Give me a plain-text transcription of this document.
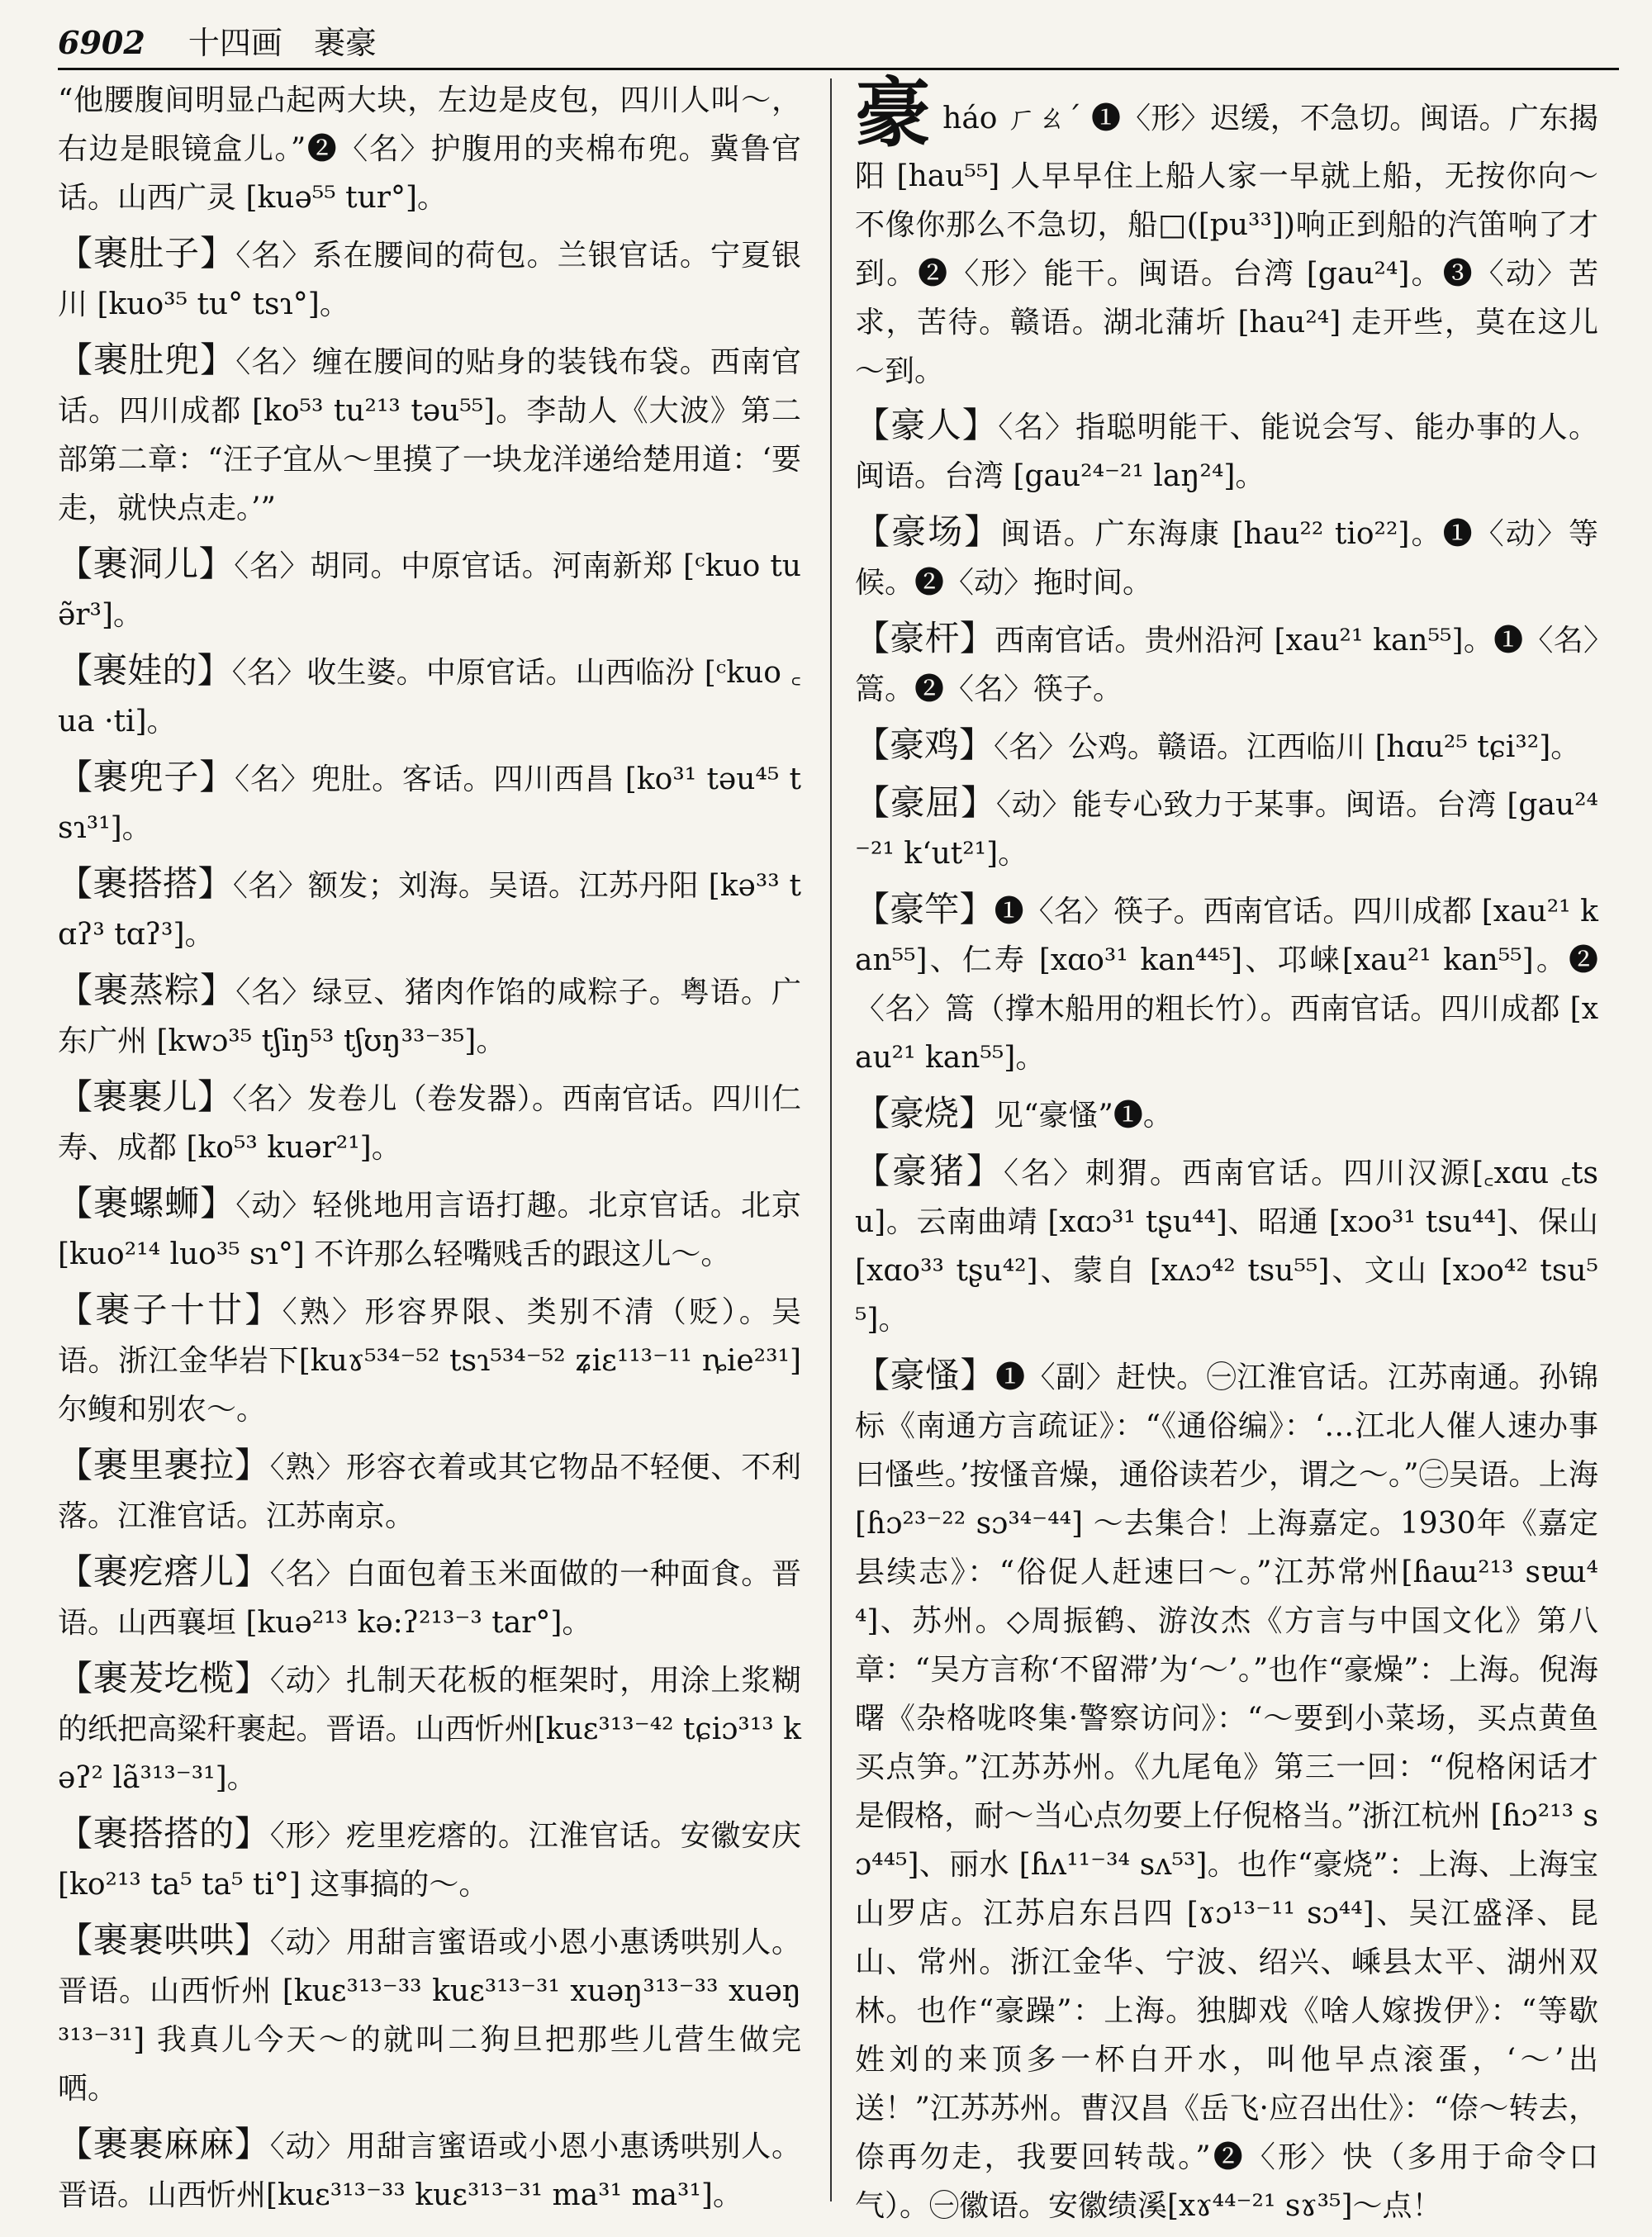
6902 十四画 裹豪
“他腰腹间明显凸起两大块，左边是皮包，四川人叫～，右边是眼镜盒儿。”❷〈名〉护腹用的夹棉布兜。冀鲁官话。山西广灵 [kuə⁵⁵ tur°]。
【裹肚子】〈名〉系在腰间的荷包。兰银官话。宁夏银川 [kuo³⁵ tu° tsɿ°]。
【裹肚兜】〈名〉缠在腰间的贴身的装钱布袋。西南官话。四川成都 [ko⁵³ tu²¹³ təu⁵⁵]。李劼人《大波》第二部第二章：“汪子宜从～里摸了一块龙洋递给楚用道：‘要走，就快点走。’”
【裹洞儿】〈名〉胡同。中原官话。河南新郑 [ᶜkuo tuə̃r³]。
【裹娃的】〈名〉收生婆。中原官话。山西临汾 [ᶜkuo ꜀ua ·ti]。
【裹兜子】〈名〉兜肚。客话。四川西昌 [ko³¹ təu⁴⁵ tsɿ³¹]。
【裹搭搭】〈名〉额发；刘海。吴语。江苏丹阳 [kə³³ tɑʔ³ tɑʔ³]。
【裹蒸粽】〈名〉绿豆、猪肉作馅的咸粽子。粤语。广东广州 [kwɔ³⁵ tʃiŋ⁵³ tʃʊŋ³³⁻³⁵]。
【裹裹儿】〈名〉发卷儿（卷发器）。西南官话。四川仁寿、成都 [ko⁵³ kuər²¹]。
【裹螺蛳】〈动〉轻佻地用言语打趣。北京官话。北京 [kuo²¹⁴ luo³⁵ sɿ°] 不许那么轻嘴贱舌的跟这儿～。
【裹子十廿】〈熟〉形容界限、类别不清（贬）。吴语。浙江金华岩下[kuɤ⁵³⁴⁻⁵² tsɿ⁵³⁴⁻⁵² ʑiɛ¹¹³⁻¹¹ ȵie²³¹] 尔鳆和别农～。
【裹里裹拉】〈熟〉形容衣着或其它物品不轻便、不利落。江淮官话。江苏南京。
【裹疙瘩儿】〈名〉白面包着玉米面做的一种面食。晋语。山西襄垣 [kuə²¹³ kə:ʔ²¹³⁻³ tar°]。
【裹茇圪榄】〈动〉扎制天花板的框架时，用涂上浆糊的纸把高粱秆裹起。晋语。山西忻州[kuɛ³¹³⁻⁴² tɕiɔ³¹³ kəʔ² lã³¹³⁻³¹]。
【裹搭搭的】〈形〉疙里疙瘩的。江淮官话。安徽安庆 [ko²¹³ ta⁵ ta⁵ ti°] 这事搞的～。
【裹裹哄哄】〈动〉用甜言蜜语或小恩小惠诱哄别人。晋语。山西忻州 [kuɛ³¹³⁻³³ kuɛ³¹³⁻³¹ xuəŋ³¹³⁻³³ xuəŋ³¹³⁻³¹] 我真儿今天～的就叫二狗旦把那些儿营生做完哂。
【裹裹麻麻】〈动〉用甜言蜜语或小恩小惠诱哄别人。晋语。山西忻州[kuɛ³¹³⁻³³ kuɛ³¹³⁻³¹ ma³¹ ma³¹]。
豪háo ㄏㄠˊ ❶〈形〉迟缓，不急切。闽语。广东揭阳 [hau⁵⁵] 人早早住上船人家一早就上船，无按你向～不像你那么不急切，船□([pu³³])响正到船的汽笛响了才到。❷〈形〉能干。闽语。台湾 [gau²⁴]。❸〈动〉苦求，苦待。赣语。湖北蒲圻 [hau²⁴] 走开些，莫在这儿～到。
【豪人】〈名〉指聪明能干、能说会写、能办事的人。闽语。台湾 [gau²⁴⁻²¹ laŋ²⁴]。
【豪场】闽语。广东海康 [hau²² tio²²]。❶〈动〉等候。❷〈动〉拖时间。
【豪杆】西南官话。贵州沿河 [xau²¹ kan⁵⁵]。❶〈名〉篙。❷〈名〉筷子。
【豪鸡】〈名〉公鸡。赣语。江西临川 [hɑu²⁵ tɕi³²]。
【豪屈】〈动〉能专心致力于某事。闽语。台湾 [gau²⁴⁻²¹ kʻut²¹]。
【豪竿】❶〈名〉筷子。西南官话。四川成都 [xau²¹ kan⁵⁵]、仁寿 [xɑo³¹ kan⁴⁴⁵]、邛崃[xau²¹ kan⁵⁵]。❷〈名〉篙（撑木船用的粗长竹）。西南官话。四川成都 [xau²¹ kan⁵⁵]。
【豪烧】见“豪慅”❶。
【豪猪】〈名〉刺猬。西南官话。四川汉源[꜀xɑu ꜀tsu]。云南曲靖 [xɑɔ³¹ tʂu⁴⁴]、昭通 [xɔo³¹ tsu⁴⁴]、保山 [xɑo³³ tʂu⁴²]、蒙自 [xʌɔ⁴² tsu⁵⁵]、文山 [xɔo⁴² tsu⁵⁵]。
【豪慅】❶〈副〉赶快。㊀江淮官话。江苏南通。孙锦标《南通方言疏证》：“《通俗编》：‘…江北人催人速办事曰慅些。’按慅音燥，通俗读若少，谓之～。”㊁吴语。上海[ɦɔ²³⁻²² sɔ³⁴⁻⁴⁴] ～去集合！上海嘉定。1930年《嘉定县续志》：“俗促人赶速曰～。”江苏常州[ɦaɯ²¹³ sɐɯ⁴⁴]、苏州。◇周振鹤、游汝杰《方言与中国文化》第八章：“吴方言称‘不留滞’为‘～’。”也作“豪燥”：上海。倪海曙《杂格咙咚集·警察访问》：“～要到小菜场，买点黄鱼买点笋。”江苏苏州。《九尾龟》第三一回：“倪格闲话才是假格，耐～当心点勿要上仔倪格当。”浙江杭州 [ɦɔ²¹³ sɔ⁴⁴⁵]、丽水 [ɦʌ¹¹⁻³⁴ sʌ⁵³]。也作“豪烧”：上海、上海宝山罗店。江苏启东吕四 [ɤɔ¹³⁻¹¹ sɔ⁴⁴]、吴江盛泽、昆山、常州。浙江金华、宁波、绍兴、嵊县太平、湖州双林。也作“豪躁”：上海。独脚戏《啥人嫁拨伊》：“等歇姓刘的来顶多一杯白开水，叫他早点滚蛋，‘～’出送！”江苏苏州。曹汉昌《岳飞·应召出仕》：“倷～转去，倷再勿走，我要回转哉。”❷〈形〉快（多用于命令口气）。㊀徽语。安徽绩溪[xɤ⁴⁴⁻²¹ sɤ³⁵]～点！
